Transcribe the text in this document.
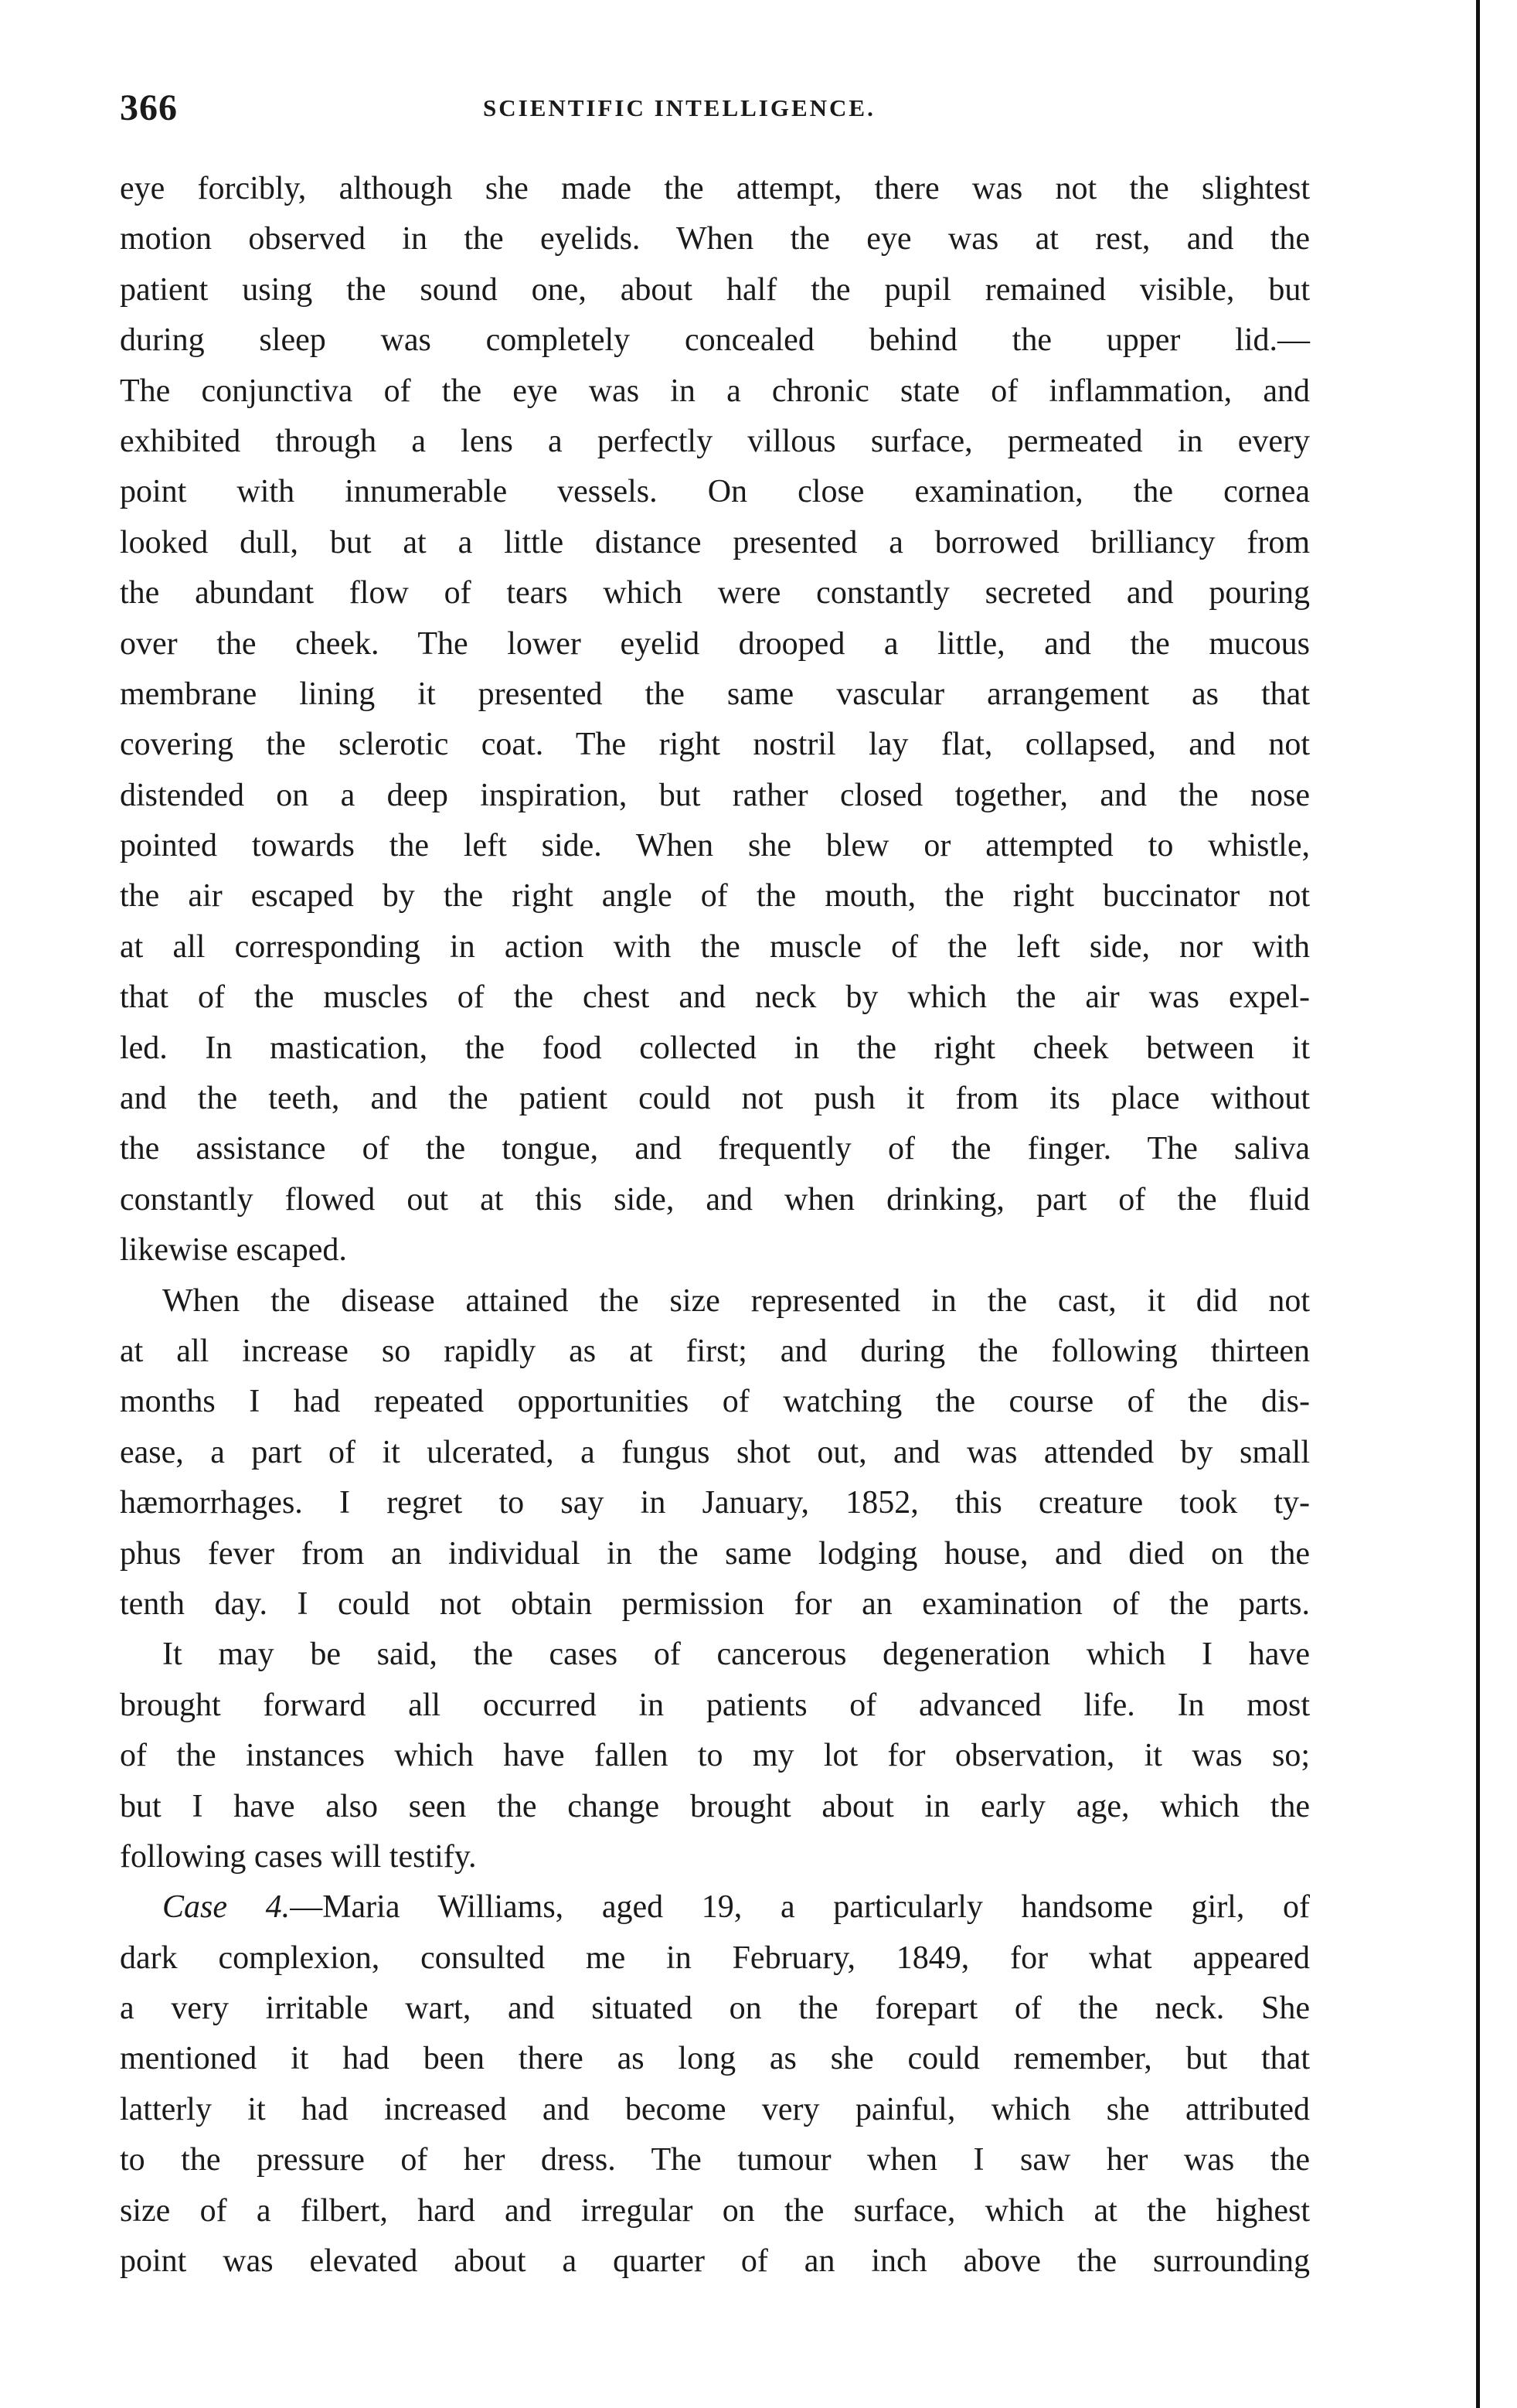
366	SCIENTIFIC INTELLIGENCE.
eye forcibly, although she made the attempt, there was not the slightest
motion observed in the eyelids. When the eye was at rest, and the
patient using the sound one, about half the pupil remained visible, but
during sleep was completely concealed behind the upper lid.—
The conjunctiva of the eye was in a chronic state of inflammation, and
exhibited through a lens a perfectly villous surface, permeated in every
point with innumerable vessels. On close examination, the cornea
looked dull, but at a little distance presented a borrowed brilliancy from
the abundant flow of tears which were constantly secreted and pouring
over the cheek. The lower eyelid drooped a little, and the mucous
membrane lining it presented the same vascular arrangement as that
covering the sclerotic coat. The right nostril lay flat, collapsed, and not
distended on a deep inspiration, but rather closed together, and the nose
pointed towards the left side. When she blew or attempted to whistle,
the air escaped by the right angle of the mouth, the right buccinator not
at all corresponding in action with the muscle of the left side, nor with
that of the muscles of the chest and neck by which the air was expel-
led. In mastication, the food collected in the right cheek between it
and the teeth, and the patient could not push it from its place without
the assistance of the tongue, and frequently of the finger. The saliva
constantly flowed out at this side, and when drinking, part of the fluid
likewise escaped.
When the disease attained the size represented in the cast, it did not
at all increase so rapidly as at first; and during the following thirteen
months I had repeated opportunities of watching the course of the dis-
ease, a part of it ulcerated, a fungus shot out, and was attended by small
hæmorrhages. I regret to say in January, 1852, this creature took ty-
phus fever from an individual in the same lodging house, and died on the
tenth day. I could not obtain permission for an examination of the parts.
It may be said, the cases of cancerous degeneration which I have
brought forward all occurred in patients of advanced life. In most
of the instances which have fallen to my lot for observation, it was so;
but I have also seen the change brought about in early age, which the
following cases will testify.
Case 4.—Maria Williams, aged 19, a particularly handsome girl, of
dark complexion, consulted me in February, 1849, for what appeared
a very irritable wart, and situated on the forepart of the neck. She
mentioned it had been there as long as she could remember, but that
latterly it had increased and become very painful, which she attributed
to the pressure of her dress. The tumour when I saw her was the
size of a filbert, hard and irregular on the surface, which at the highest
point was elevated about a quarter of an inch above the surrounding
